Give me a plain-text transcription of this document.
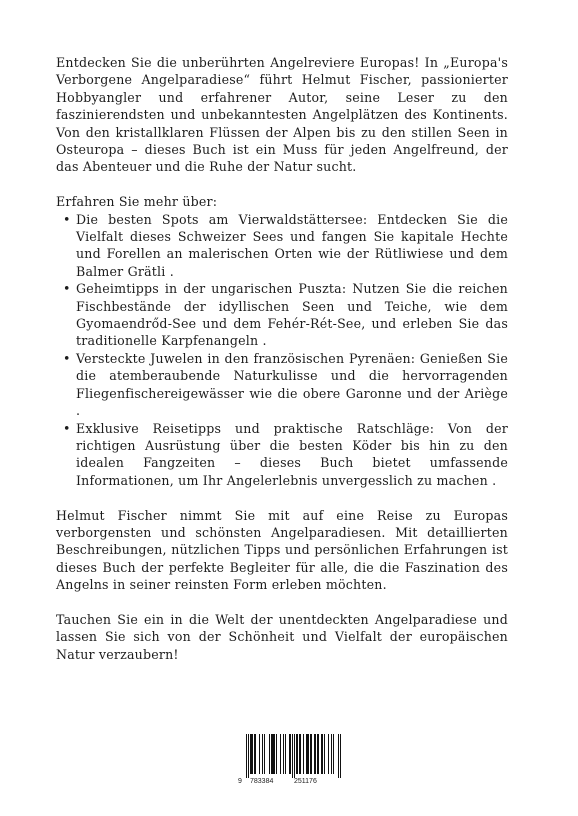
Entdecken Sie die unberührten Angelreviere Europas! In „Europa's Verborgene Angelparadiese“ führt Helmut Fischer, passionierter Hobbyangler und erfahrener Autor, seine Leser zu den faszinierendsten und unbekanntesten Angelplätzen des Kontinents. Von den kristallklaren Flüssen der Alpen bis zu den stillen Seen in Osteuropa – dieses Buch ist ein Muss für jeden Angelfreund, der das Abenteuer und die Ruhe der Natur sucht.

Erfahren Sie mehr über:

• Die besten Spots am Vierwaldstättersee: Entdecken Sie die Vielfalt dieses Schweizer Sees und fangen Sie kapitale Hechte und Forellen an malerischen Orten wie der Rütliwiese und dem Balmer Grätli .
• Geheimtipps in der ungarischen Puszta: Nutzen Sie die reichen Fischbestände der idyllischen Seen und Teiche, wie dem Gyomaendrőd-See und dem Fehér-Rét-See, und erleben Sie das traditionelle Karpfenangeln .
• Versteckte Juwelen in den französischen Pyrenäen: Genießen Sie die atemberaubende Naturkulisse und die hervorragenden Fliegenfischereigewässer wie die obere Garonne und der Ariège .
• Exklusive Reisetipps und praktische Ratschläge: Von der richtigen Ausrüstung über die besten Köder bis hin zu den idealen Fangzeiten – dieses Buch bietet umfassende Informationen, um Ihr Angelerlebnis unvergesslich zu machen .

Helmut Fischer nimmt Sie mit auf eine Reise zu Europas verborgensten und schönsten Angelparadiesen. Mit detaillierten Beschreibungen, nützlichen Tipps und persönlichen Erfahrungen ist dieses Buch der perfekte Begleiter für alle, die die Faszination des Angelns in seiner reinsten Form erleben möchten.

Tauchen Sie ein in die Welt der unentdeckten Angelparadiese und lassen Sie sich von der Schönheit und Vielfalt der europäischen Natur verzaubern!

9 783384	251176
